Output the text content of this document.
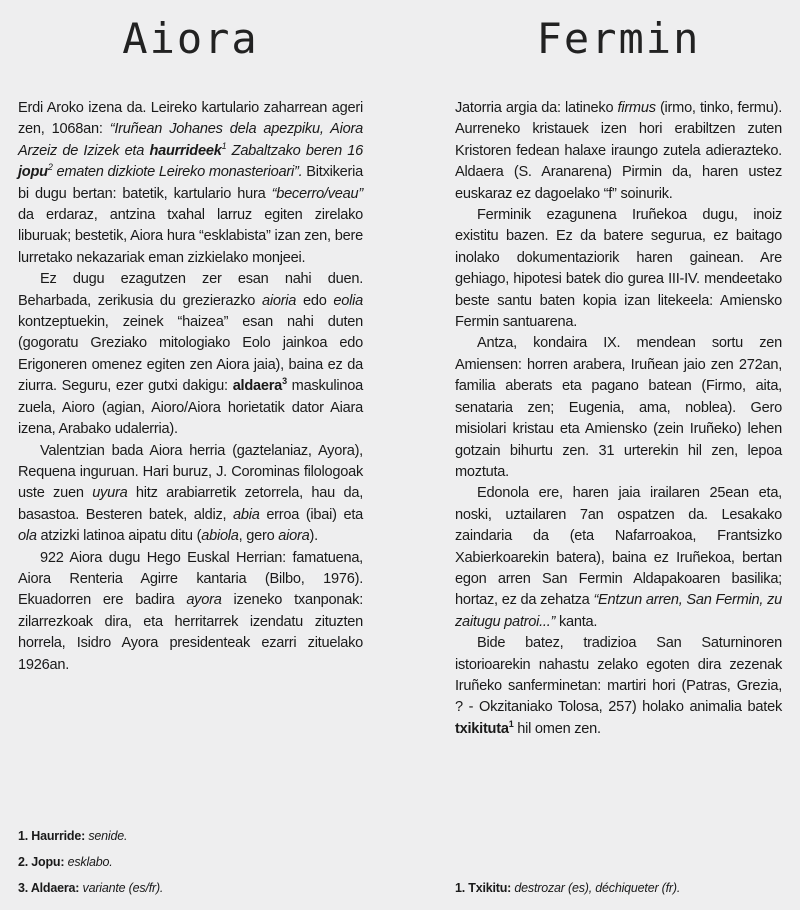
Aiora

Erdi Aroko izena da. Leireko kartulario zaharrean ageri zen, 1068an: “Iruñean Johanes dela apezpiku, Aiora Arzeiz de Izizek eta haurrideek$^1$ Zabaltzako beren 16 jopu$^2$ ematen dizkiote Leireko monasterioari”. Bitxikeria bi dugu bertan: batetik, kartulario hura “becerro/veau” da erdaraz, antzina txahal larruz egiten zirelako liburuak; bestetik, Aiora hura “esklabista” izan zen, bere lurretako nekazariak eman zizkielako monjeei.

Ez dugu ezagutzen zer esan nahi duen. Beharbada, zerikusia du grezierazko aioria edo eolia kontzeptuekin, zeinek “haizea” esan nahi duten (gogoratu Greziako mitologiako Eolo jainkoa edo Erigoneren omenez egiten zen Aiora jaia), baina ez da ziurra. Seguru, ezer gutxi dakigu: aldaera$^3$ maskulinoa zuela, Aioro (agian, Aioro/Aiora horietatik dator Aiara izena, Arabako udalerria).

Valentzian bada Aiora herria (gaztelaniaz, Ayora), Requena inguruan. Hari buruz, J. Corominas filologoak uste zuen uyura hitz arabiarretik zetorrela, hau da, basastoa. Besteren batek, aldiz, abia erroa (ibai) eta ola atzizki latinoa aipatu ditu (abiola, gero aiora).

922 Aiora dugu Hego Euskal Herrian: famatuena, Aiora Renteria Agirre kantaria (Bilbo, 1976). Ekuadorren ere badira ayora izeneko txanponak: zilarrezkoak dira, eta herritarrek izendatu zituzten horrela, Isidro Ayora presidenteak ezarri zituelako 1926an.

1. Haurride: senide.
2. Jopu: esklabo.
3. Aldaera: variante (es/fr).
Fermin

Jatorria argia da: latineko firmus (irmo, tinko, fermu). Aurreneko kristauek izen hori erabiltzen zuten Kristoren fedean halaxe iraungo zutela adierazteko. Aldaera (S. Aranarena) Pirmin da, haren ustez euskaraz ez dagoelako “f” soinurik.

Ferminik ezagunena Iruñekoa dugu, inoiz existitu bazen. Ez da batere segurua, ez baitago inolako dokumentaziorik haren gainean. Are gehiago, hipotesi batek dio gurea III-IV. mendeetako beste santu baten kopia izan litekeela: Amiensko Fermin santuarena.

Antza, kondaira IX. mendean sortu zen Amiensen: horren arabera, Iruñean jaio zen 272an, familia aberats eta pagano batean (Firmo, aita, senataria zen; Eugenia, ama, noblea). Gero misiolari kristau eta Amiensko (zein Iruñeko) lehen gotzain bihurtu zen. 31 urterekin hil zen, lepoa moztuta.

Edonola ere, haren jaia irailaren 25ean eta, noski, uztailaren 7an ospatzen da. Lesakako zaindaria da (eta Nafarroakoa, Frantsizko Xabierkoarekin batera), baina ez Iruñekoa, bertan egon arren San Fermin Aldapakoaren basilika; hortaz, ez da zehatza “Entzun arren, San Fermin, zu zaitugu patroi...” kanta.

Bide batez, tradizioa San Saturninoren istorioarekin nahastu zelako egoten dira zezenak Iruñeko sanferminetan: martiri hori (Patras, Grezia, ? - Okzitaniako Tolosa, 257) holako animalia batek txikituta$^1$ hil omen zen.

1. Txikitu: destrozar (es), déchiqueter (fr).
